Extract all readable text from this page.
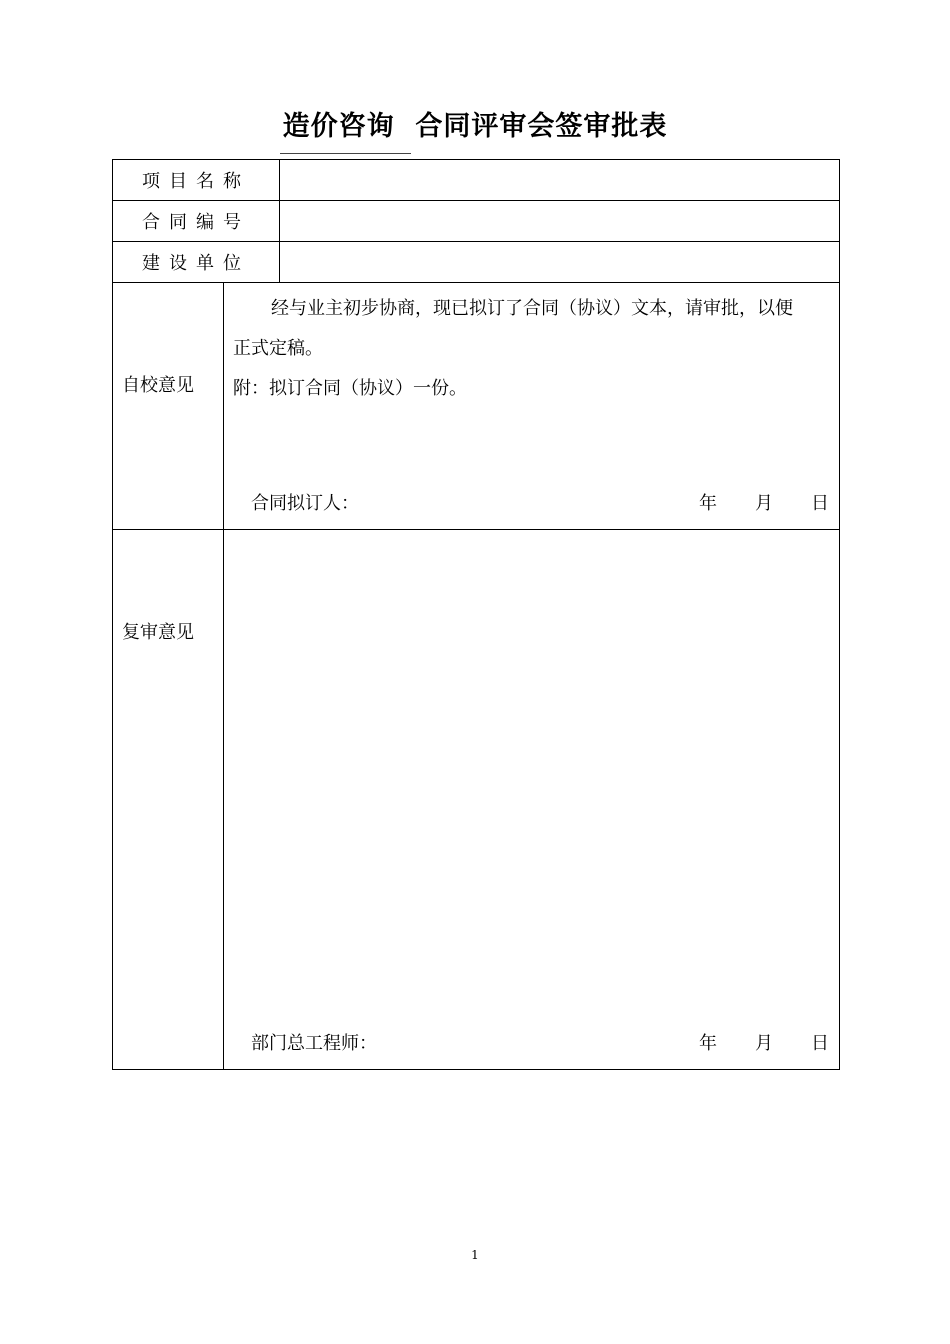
造价咨询  合同评审会签审批表
项目名称		
合同编号		
建设单位		
自校意见	经与业主初步协商，现已拟订了合同（协议）文本，请审批，以便
正式定稿。
附：拟订合同（协议）一份。
合同拟订人： 年 月 日	

复审意见	部门总工程师： 年 月 日	
1
